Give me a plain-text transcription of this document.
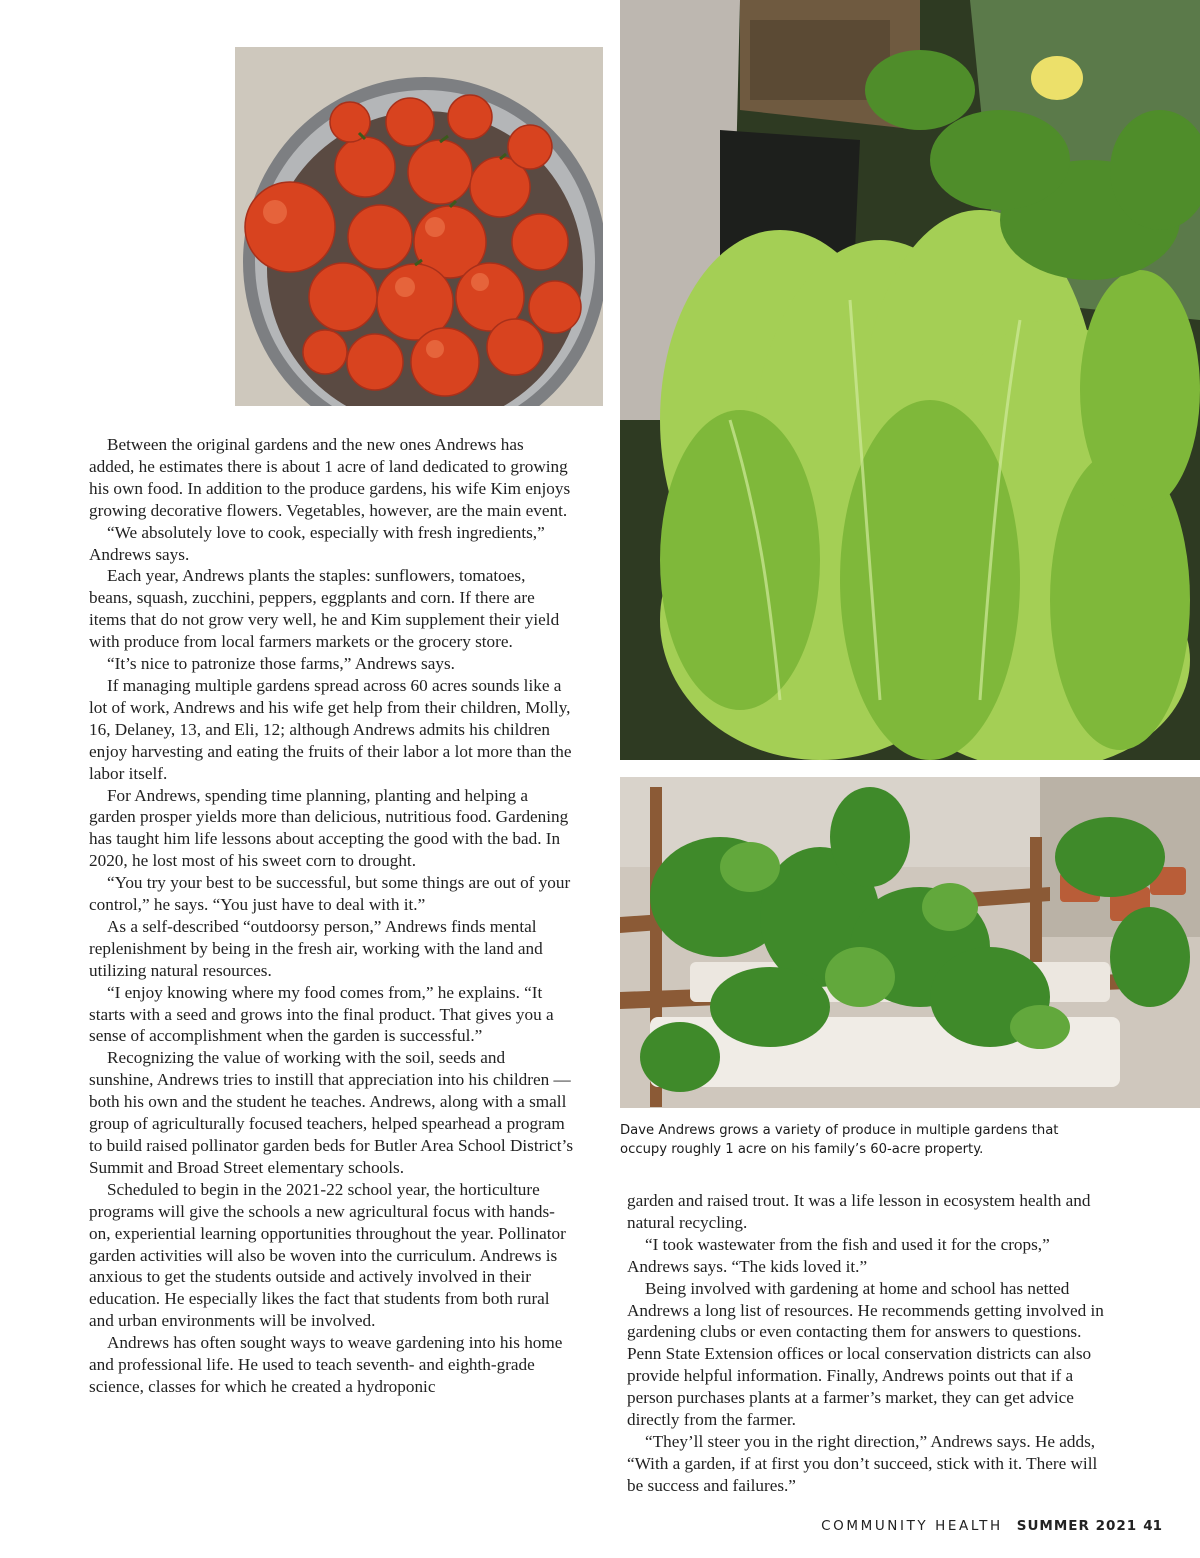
Between the original gardens and the new ones Andrews has added, he estimates there is about 1 acre of land dedicated to growing his own food. In addition to the produce gardens, his wife Kim enjoys growing decorative flowers. Vegetables, however, are the main event.

“We absolutely love to cook, especially with fresh ingredients,” Andrews says.

Each year, Andrews plants the staples: sunflowers, tomatoes, beans, squash, zucchini, peppers, eggplants and corn. If there are items that do not grow very well, he and Kim supplement their yield with produce from local farmers markets or the grocery store.

“It’s nice to patronize those farms,” Andrews says.

If managing multiple gardens spread across 60 acres sounds like a lot of work, Andrews and his wife get help from their children, Molly, 16, Delaney, 13, and Eli, 12; although Andrews admits his children enjoy harvesting and eating the fruits of their labor a lot more than the labor itself.

For Andrews, spending time planning, planting and helping a garden prosper yields more than delicious, nutritious food. Gardening has taught him life lessons about accepting the good with the bad. In 2020, he lost most of his sweet corn to drought.

“You try your best to be successful, but some things are out of your control,” he says. “You just have to deal with it.”

As a self-described “outdoorsy person,” Andrews finds mental replenishment by being in the fresh air, working with the land and utilizing natural resources.

“I enjoy knowing where my food comes from,” he explains. “It starts with a seed and grows into the final product. That gives you a sense of accomplishment when the garden is successful.”

Recognizing the value of working with the soil, seeds and sunshine, Andrews tries to instill that appreciation into his children — both his own and the student he teaches. Andrews, along with a small group of agriculturally focused teachers, helped spearhead a program to build raised pollinator garden beds for Butler Area School District’s Summit and Broad Street elementary schools.

Scheduled to begin in the 2021-22 school year, the horticulture programs will give the schools a new agricultural focus with hands-on, experiential learning opportunities throughout the year. Pollinator garden activities will also be woven into the curriculum. Andrews is anxious to get the students outside and actively involved in their education. He especially likes the fact that students from both rural and urban environments will be involved.

Andrews has often sought ways to weave gardening into his home and professional life. He used to teach seventh- and eighth-grade science, classes for which he created a hydroponic

Dave Andrews grows a variety of produce in multiple gardens that occupy roughly 1 acre on his family’s 60-acre property.

garden and raised trout. It was a life lesson in ecosystem health and natural recycling.

“I took wastewater from the fish and used it for the crops,” Andrews says. “The kids loved it.”

Being involved with gardening at home and school has netted Andrews a long list of resources. He recommends getting involved in gardening clubs or even contacting them for answers to questions. Penn State Extension offices or local conservation districts can also provide helpful information. Finally, Andrews points out that if a person purchases plants at a farmer’s market, they can get advice directly from the farmer.

“They’ll steer you in the right direction,” Andrews says. He adds, “With a garden, if at first you don’t succeed, stick with it. There will be success and failures.”

COMMUNITY HEALTH SUMMER 2021 41
